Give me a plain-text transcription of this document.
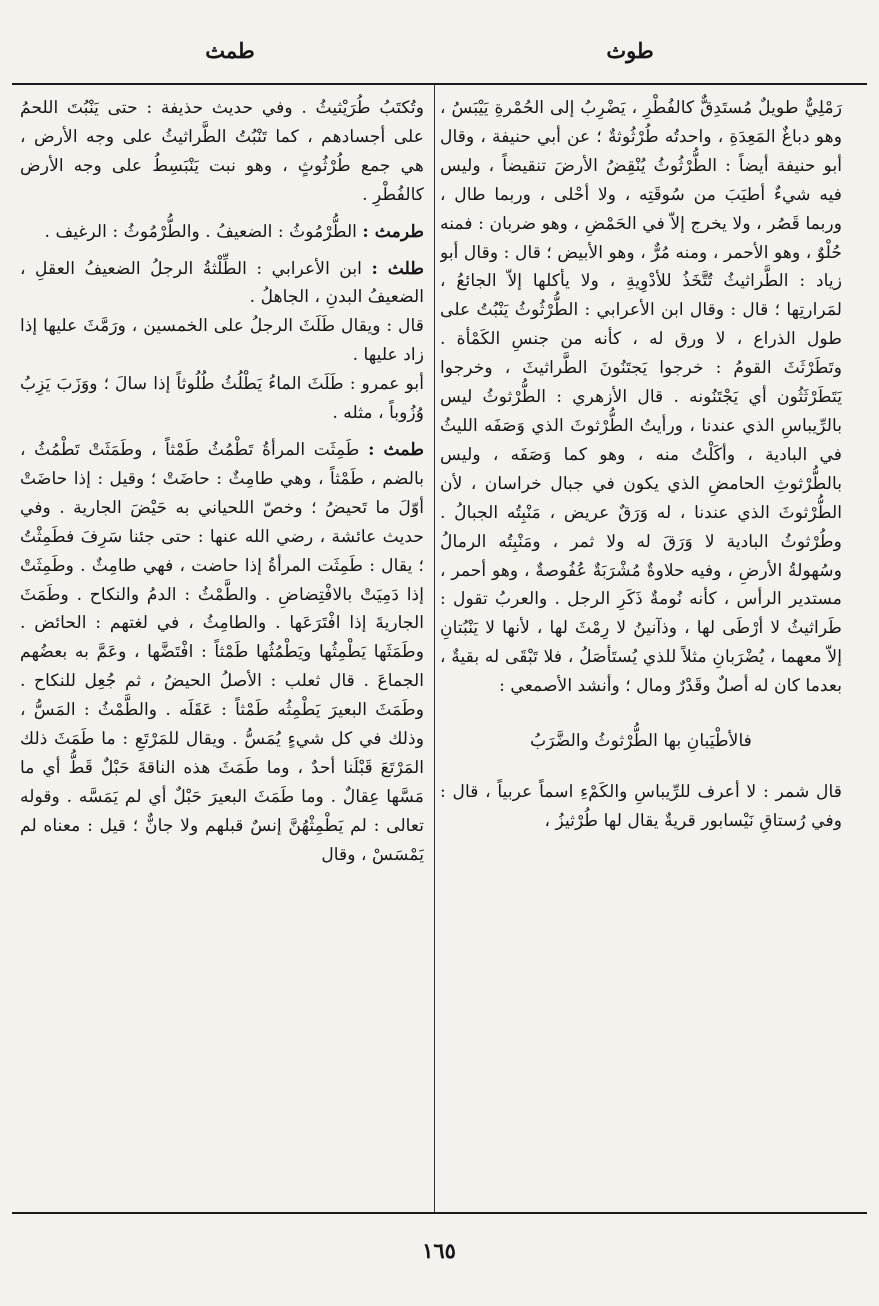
طوث
طمث

رَمْلِيٌّ طويلٌ مُستَدِقٌّ كالفُطْرِ ، يَضْرِبُ إلى الحُمْرةِ يَيْبَسُ ، وهو دباغٌ المَعِدَةِ ، واحدتُه طُرْثُوثةٌ ؛ عن أبي حنيفة ، وقال أبو حنيفة أيضاً : الطُّرْثُوثُ يُنْقِضُ الأرضَ تنقيضاً ، وليس فيه شيءٌ أطيَبَ من سُوقَتِه ، ولا أحْلى ، وربما طال ، وربما قَصُر ، ولا يخرج إلاّ في الحَمْضِ ، وهو ضربان : فمنه حُلْوٌ ، وهو الأحمر ، ومنه مُرٌّ ، وهو الأبيض ؛ قال : وقال أبو زياد : الطَّراثيثُ تُتَّخَذُ للأدْوِيةِ ، ولا يأكلها إلاّ الجائعُ ، لمَرارتِها ؛ قال : وقال ابن الأعرابي : الطُّرْثُوثُ يَنْبُتُ على طول الذراع ، لا ورق له ، كأنه من جنسِ الكَمْأة . وتَطَرْثَثَ القومُ : خرجوا يَجتَنُونَ الطَّراثيثَ ، وخرجوا يَتَطَرْثَثُون أي يَجْتَنُونه . قال الأزهري : الطُّرْثوثُ ليس بالرِّيباسِ الذي عندنا ، ورأيتُ الطُّرْثوثَ الذي وَصَفَه الليثُ في البادية ، وأكَلْتُ منه ، وهو كما وَصَفَه ، وليس بالطُّرْثوثِ الحامضِ الذي يكون في جبال خراسان ، لأن الطُّرْثوثَ الذي عندنا ، له وَرَقٌ عريض ، مَنْبِتُه الجبالُ . وطُرْثوثُ البادية لا وَرَقَ له ولا ثمر ، ومَنْبِتُه الرمالُ وسُهولةُ الأرضِ ، وفيه حلاوةٌ مُشْرَبَةٌ عُفُوصةٌ ، وهو أحمر ، مستدير الرأس ، كأنه نُومةٌ ذَكَرِ الرجل . والعربُ تقول : طَراثيثُ لا أرْطَى لها ، وذآنينُ لا رِمْثَ لها ، لأنها لا يَنْبُتانِ إلاّ معهما ، يُضْرَبانِ مثلاً للذي يُستَأصَلُ ، فلا تَبْقَى له بقيةٌ ، بعدما كان له أصلٌ وقَدْرٌ ومال ؛ وأنشد الأصمعي :

فالأطْيَبانِ بها الطُّرْثوثُ والضَّرَبُ

قال شمر : لا أعرف للرِّيباسِ والكَمْءِ اسماً عربياً ، قال : وفي رُستاقِ نَيْسابور قريةٌ يقال لها طُرْثيزُ ،

وتُكتَبُ طُرَيْثيثُ . وفي حديث حذيفة : حتى يَنْبُتَ اللحمُ على أجسادهم ، كما تَنْبُتُ الطَّراثيثُ على وجه الأرض ، هي جمع طُرْثُوثٍ ، وهو نبت يَنْبَسِطُ على وجه الأرض كالفُطْرِ .

طرمث : الطُّرْمُوثُ : الضعيفُ . والطُّرْمُوثُ : الرغيف .

طلث : ابن الأعرابي : الطِّلْثةُ الرجلُ الضعيفُ العقلِ ، الضعيفُ البدنِ ، الجاهلُ .

قال : ويقال طَلَثَ الرجلُ على الخمسين ، ورَمَّثَ عليها إذا زاد عليها .

أبو عمرو : طَلَثَ الماءُ يَطْلُثُ طُلُوثاً إذا سالَ ؛ ووَزَبَ يَزِبُ وُزُوباً ، مثله .

طمث : طَمِثَت المرأةُ تَطْمُثُ طَمْثاً ، وطَمَثَتْ تَطْمُثُ ، بالضم ، طَمْثاً ، وهي طامِثٌ : حاضَتْ ؛ وقيل : إذا حاضَتْ أوّلَ ما تَحيضُ ؛ وخصّ اللحياني به حَيْضَ الجارية . وفي حديث عائشة ، رضي الله عنها : حتى جئنا سَرِفَ فطَمِثْتُ ؛ يقال : طَمِثَت المرأةُ إذا حاضت ، فهي طامِثٌ . وطَمِثَتْ إذا دَمِيَتْ بالافْتِضاضِ . والطَّمْثُ : الدمُ والنكاح . وطَمَثَ الجاريةَ إذا افْتَرَعَها . والطامِثُ ، في لغتهم : الحائض . وطَمَثَها يَطْمِثُها ويَطْمُثُها طَمْثاً : افْتَضَّها ، وعَمَّ به بعضُهم الجماعَ . قال ثعلب : الأصلُ الحيضُ ، ثم جُعِل للنكاح . وطَمَثَ البعيرَ يَطْمِثُه طَمْثاً : عَقَلَه . والطَّمْثُ : المَسُّ ، وذلك في كل شيءٍ يُمَسُّ . ويقال للمَرْتَعِ : ما طَمَثَ ذلك المَرْتَعَ قَبْلَنا أحدٌ ، وما طَمَثَ هذه الناقةَ حَبْلٌ قَطُّ أي ما مَسَّها عِقالٌ . وما طَمَثَ البعيرَ حَبْلٌ أي لم يَمَسَّه . وقوله تعالى : لم يَطْمِثْهُنَّ إنسٌ قبلهم ولا جانٌّ ؛ قيل : معناه لم يَمْسَسْ ، وقال

١٦٥
